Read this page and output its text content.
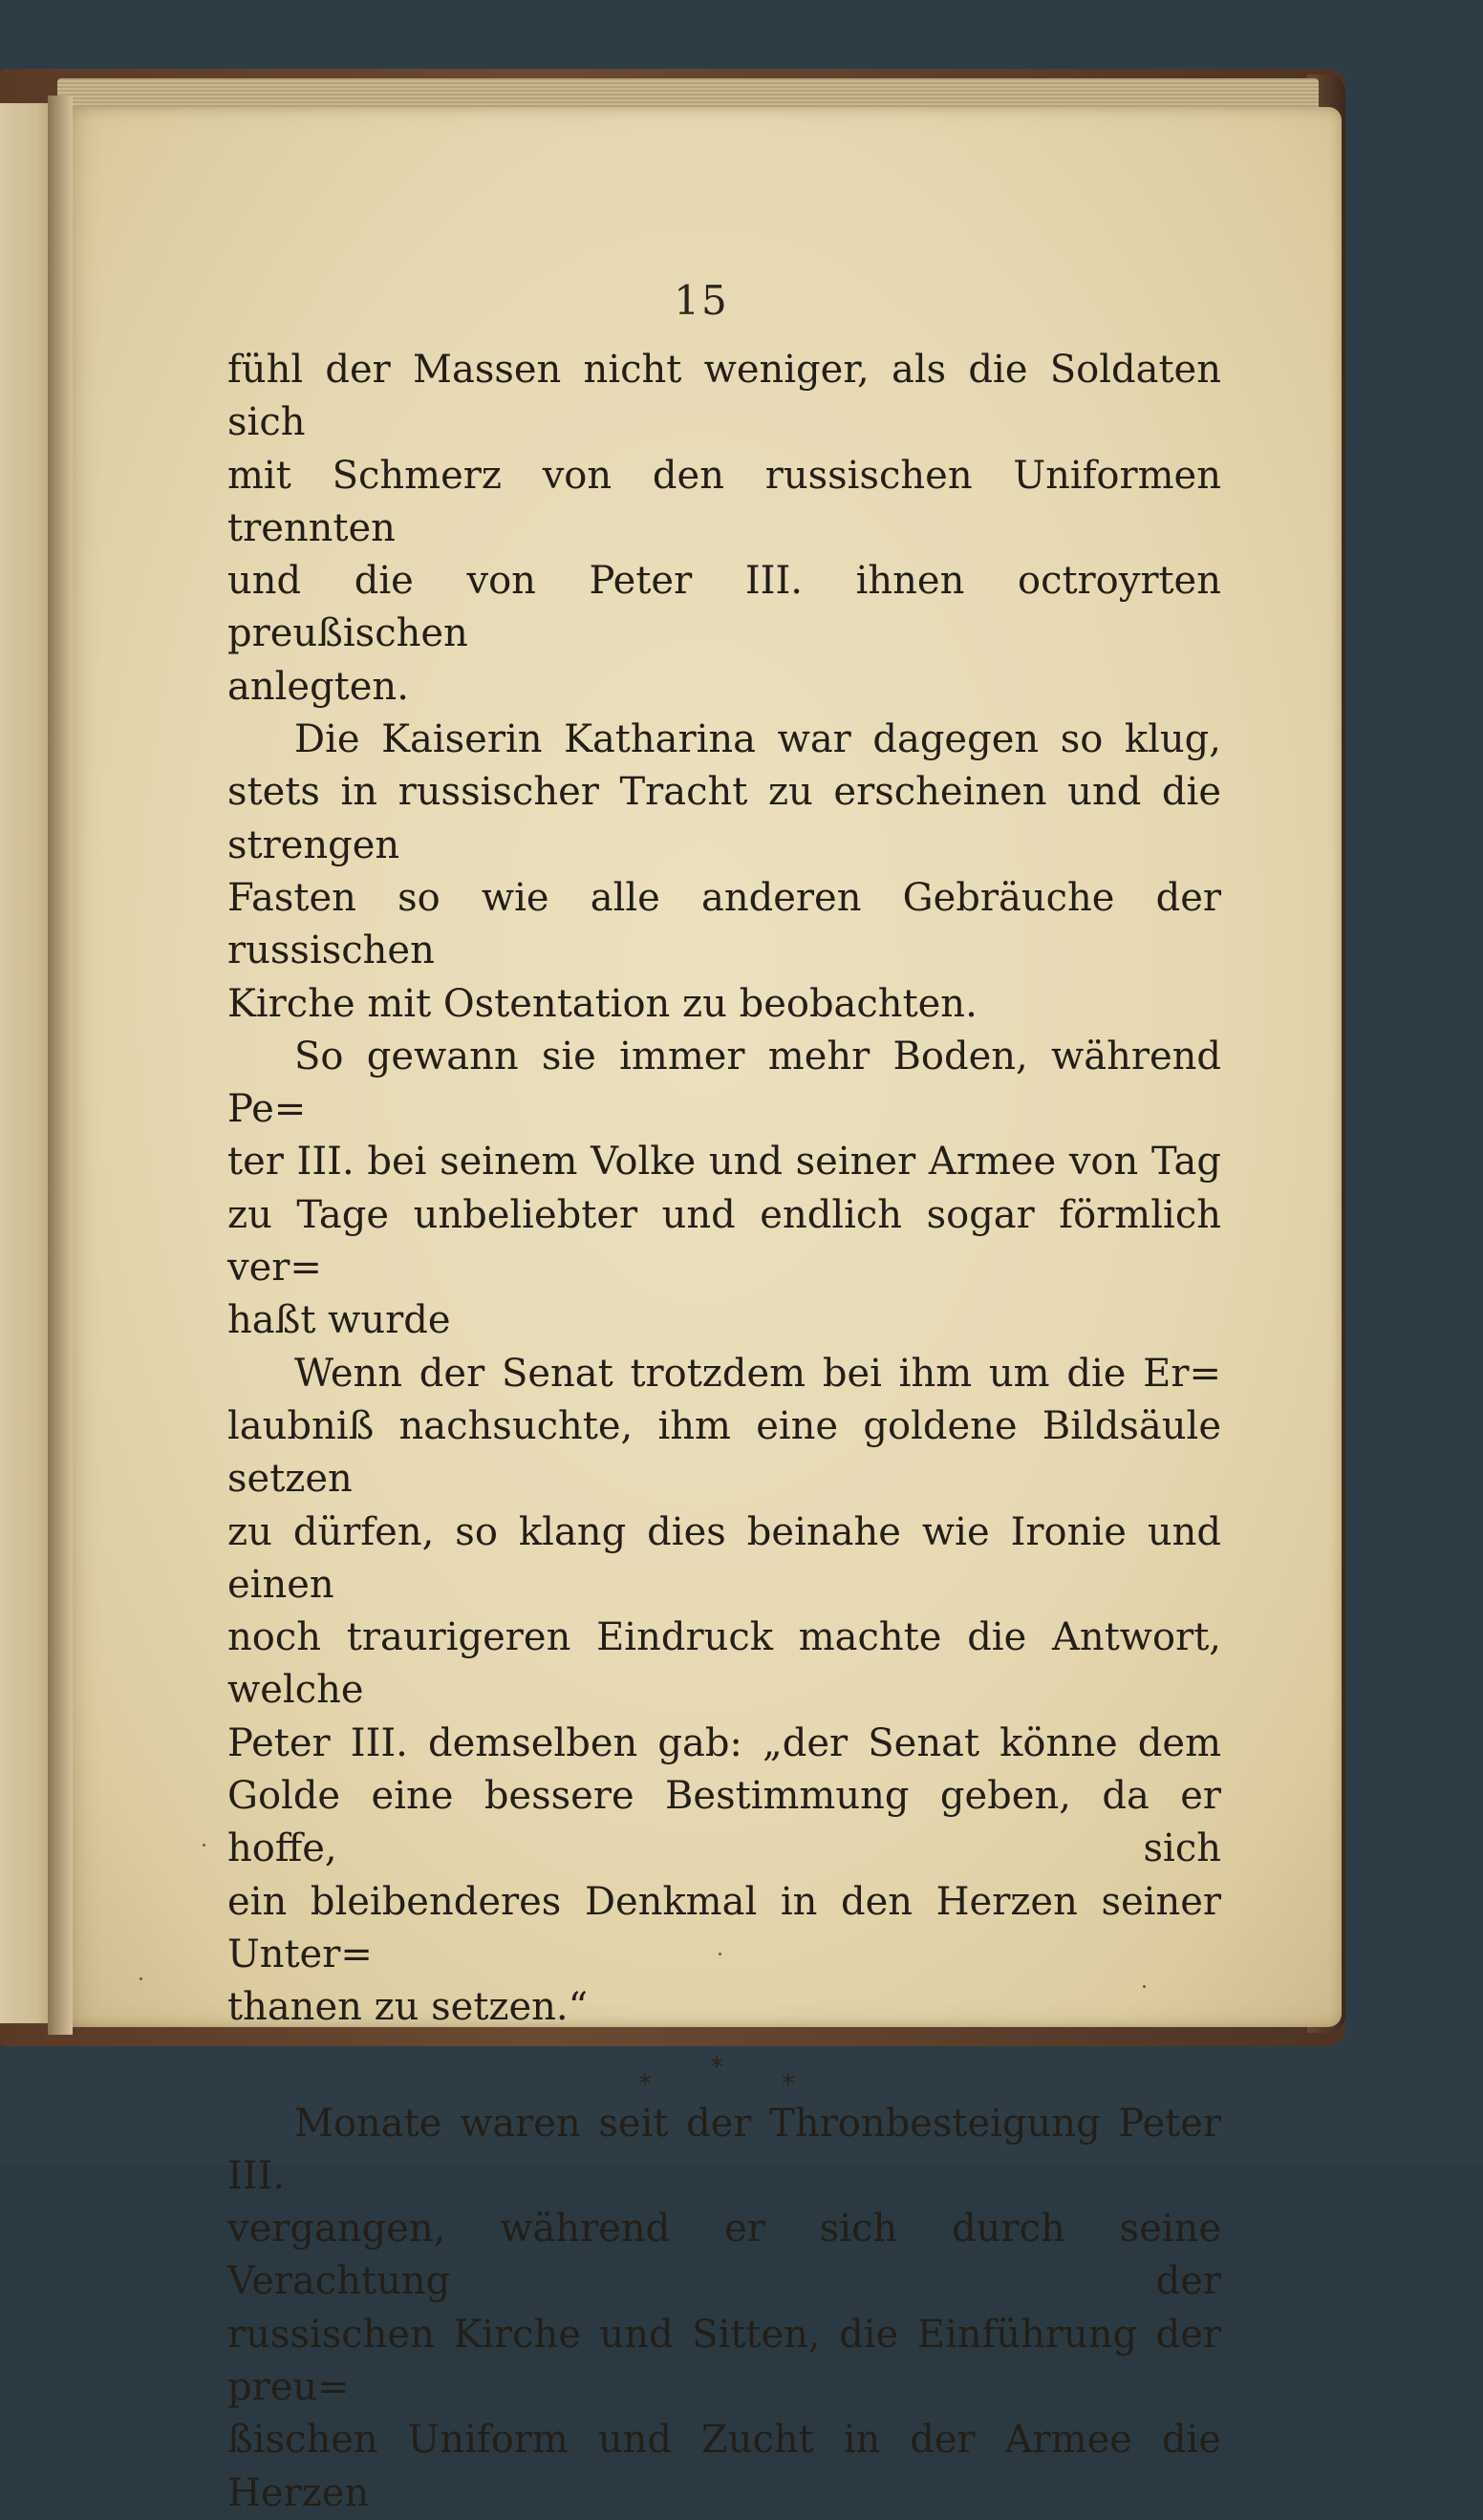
15

fühl der Massen nicht weniger, als die Soldaten sich
mit Schmerz von den russischen Uniformen trennten
und die von Peter III. ihnen octroyrten preußischen

anlegten.

Die Kaiserin Katharina war dagegen so klug,
stets in russischer Tracht zu erscheinen und die strengen
Fasten so wie alle anderen Gebräuche der russischen

Kirche mit Ostentation zu beobachten.

So gewann sie immer mehr Boden, während Pe=
ter III. bei seinem Volke und seiner Armee von Tag
zu Tage unbeliebter und endlich sogar förmlich ver=

haßt wurde

Wenn der Senat trotzdem bei ihm um die Er=
laubniß nachsuchte, ihm eine goldene Bildsäule setzen
zu dürfen, so klang dies beinahe wie Ironie und einen
noch traurigeren Eindruck machte die Antwort, welche
Peter III. demselben gab: „der Senat könne dem
Golde eine bessere Bestimmung geben, da er hoffe, sich
ein bleibenderes Denkmal in den Herzen seiner Unter=

thanen zu setzen.“

*
*
*

Monate waren seit der Thronbesteigung Peter III.
vergangen, während er sich durch seine Verachtung der
russischen Kirche und Sitten, die Einführung der preu=
ßischen Uniform und Zucht in der Armee die Herzen
